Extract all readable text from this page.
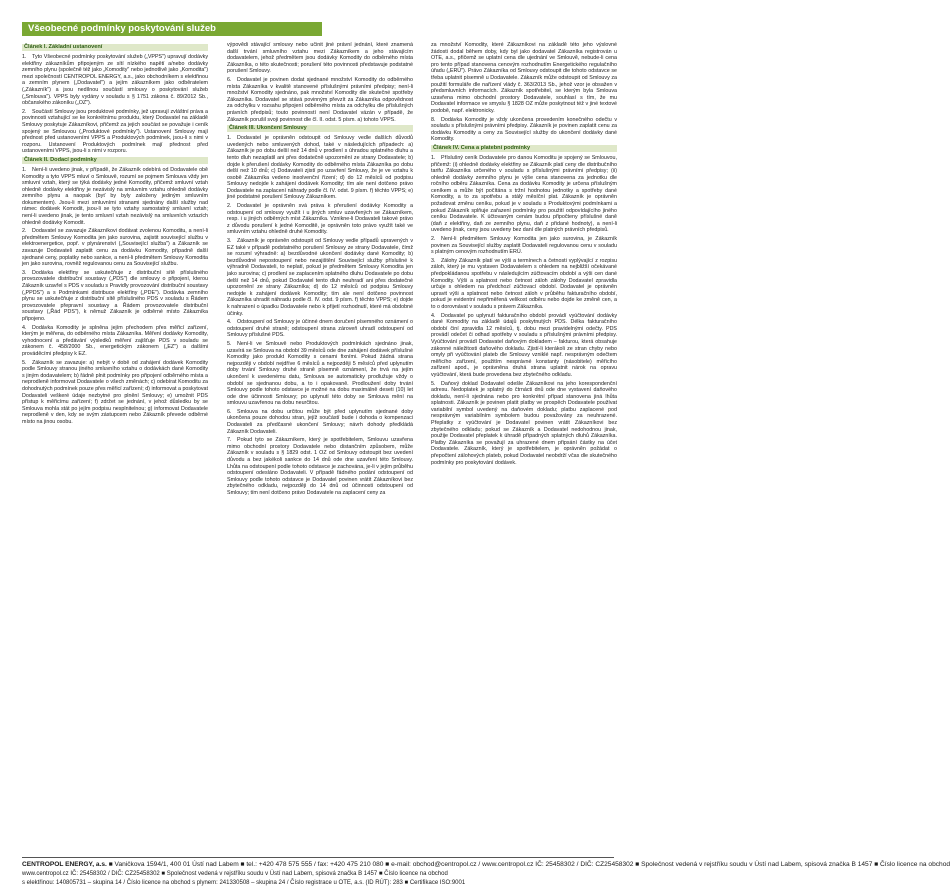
Všeobecné podmínky poskytování služeb
Článek I. Základní ustanovení
1. Tyto Všeobecné podmínky poskytování služeb („VPPS") upravují dodávky elektřiny zákazníkům připojeným ze sítí nízkého napětí a/nebo dodávky zemního plynu (společně též jako „Komodity" nebo jednotlivě jako „Komodita") mezi společností CENTROPOL ENERGY, a.s., jako obchodníkem s elektřinou a zemním plynem („Dodavatel") a jejím zákazníkem jako odběratelem („Zákazník") a jsou nedílnou součástí smlouvy o poskytování služeb („Smlouva"). VPPS byly vydány v souladu s § 1751 zákona č. 89/2012 Sb., občanského zákoníku („OZ").
2. Součástí Smlouvy jsou produktové podmínky, jež upravují zvláštní práva a povinnosti vztahující se ke konkrétnímu produktu, který Dodavatel na základě Smlouvy poskytuje Zákazníkovi, přičemž za jejich součást se považuje i ceník spojený se Smlouvou („Produktové podmínky"). Ustanovení Smlouvy mají přednost před ustanoveními VPPS a Produktových podmínek, jsou-li s nimi v rozporu. Ustanovení Produktových podmínek mají přednost před ustanoveními VPPS, jsou-li s nimi v rozporu.
Článek II. Dodací podmínky
1. Není-li uvedeno jinak, v případě, že Zákazník odebírá od Dodavatele obě Komodity a tyto VPPS mluví o Smlouvě, rozumí se pojmem Smlouva vždy jen smluvní vztah, který se týká dodávky jedné Komodity, přičemž smluvní vztah ohledně dodávky elektřiny je nezávislý na smluvním vztahu ohledně dodávky zemního plynu a naopak (byť by byly založeny jediným smluvním dokumentem). Jsou-li mezi smluvními stranami sjednány další služby nad rámec dodávek Komodit, jsou-li se tyto vztahy samostatný smluvní vztah; není-li uvedeno jinak, je tento smluvní vztah nezávislý na smluvních vztazích ohledně dodávky Komodit.
2. Dodavatel se zavazuje Zákazníkovi dodávat zvolenou Komoditu, a není-li předmětem Smlouvy Komodita jen jako surovina, zajistit související službu v elektroenergetice, popř. v plynárenství („Související služba") a Zákazník se zavazuje Dodavateli zaplatit cenu za dodávku Komodity, případně další sjednané ceny, poplatky nebo sankce, a není-li předmětem Smlouvy Komodita jen jako surovina, rovněž regulovanou cenu za Související službu.
3. Dodávka elektřiny se uskutečňuje z distribuční sítě příslušného provozovatele distribuční soustavy („PDS") dle smlouvy o připojení, kterou Zákazník uzavřel s PDS v souladu s Pravidly provozování distribuční soustavy („PPDS") a s Podmínkami distribuce elektřiny („PDE"). Dodávka zemního plynu se uskutečňuje z distribuční sítě příslušného PDS v souladu s Řádem provozovatele přepravní soustavy a Řádem provozovatele distribuční soustavy („Řád PDS"), k němuž Zákazník je odběrné místo Zákazníka připojeno.
4. Dodávka Komodity je splněna jejím přechodem přes měřicí zařízení, kterým je měřena, do odběrného místa Zákazníka. Měření dodávky Komodity, vyhodnocení a předávání výsledků měření zajišťuje PDS v souladu se zákonem č. 458/2000 Sb., energetickým zákonem („EZ") a dalšími prováděcími předpisy k EZ.
5. Zákazník se zavazuje: a) nebýt v době od zahájení dodávek Komodity podle Smlouvy stranou jiného smluvního vztahu o dodávkách dané Komodity s jiným dodavatelem; b) řádně plnit podmínky pro připojení odběrného místa a neprodleně informovat Dodavatele o všech změnách; c) odebírat Komoditu za dohodnutých podmínek pouze přes měřicí zařízení; d) informovat a poskytovat Dodavateli veškeré údaje nezbytné pro plnění Smlouvy; e) umožnit PDS přístup k měřicímu zařízení; f) zdržet se jednání, v jehož důsledku by se Smlouva mohla stát po jejím podpisu nesplnitelnou; g) informovat Dodavatele neprodleně v den, kdy se svým zástupcem nebo Zákazník převede odběrné místo na jinou osobu.
výpovědi stávající smlouvy nebo učinit jiné právní jednání, které znamená další trvání smluvního vztahu mezi Zákazníkem a jeho stávajícím dodavatelem, jehož předmětem jsou dodávky Komodity do odběrného místa Zákazníka, o této skutečnosti; porušení této povinnosti představuje podstatné porušení Smlouvy.
6. Dodavatel je povinen dodat sjednané množství Komodity do odběrného místa Zákazníka v kvalitě stanovené příslušnými právními předpisy; není-li množství Komodity sjednáno, pak množství Komodity dle skutečné spotřeby Zákazníka. Dodavatel se stává povinným převzít za Zákazníka odpovědnost za odchylku v rozsahu připojení odběrného místa za odchylku dle příslušných právních předpisů; touto povinností není Dodavatel vázán v případě, že Zákazník porušil svoji povinnost dle čl. II. odst. 5 písm. a) tohoto VPPS.
Článek III. Ukončení Smlouvy
1. Dodavatel je oprávněn odstoupit od Smlouvy vedle dalších důvodů uvedených nebo smluvených dohod, také v následujících případech: a) Zákazník je po dobu delší než 14 dnů v prodlení s úhradou splatného dluhu a tento dluh nezaplatil ani přes dodatečně upozornění ze strany Dodavatele; b) dojde k přerušení dodávky Komodity do odběrného místa Zákazníka po dobu delší než 10 dnů; c) Dodavateli zjistí po uzavření Smlouvy, že je ve vztahu k osobě Zákazníka vedeno insolvenční řízení; d) do 12 měsíců od podpisu Smlouvy nedojde k zahájení dodávek Komodity; tím ale není dotčeno právo Dodavatele na zaplacení náhrady podle čl. IV. odst. 9 písm. f) těchto VPPS; e) jiné podstatné porušení Smlouvy Zákazníkem.
2. Dodavatel je oprávněn svá práva k přerušení dodávky Komodity a odstoupení od smlouvy využít i u jiných smluv uzavřených se Zákazníkem, resp. i u jiných odběrných míst Zákazníka. Vznikne-li Dodavateli takové právo z důvodu porušení k jedné Komoditě, je oprávněn toto právo využít také ve smluvním vztahu ohledně druhé Komodity.
3. Zákazník je oprávněn odstoupit od Smlouvy vedle případů upravených v EZ také v případě podstatného porušení Smlouvy ze strany Dodavatele, čímž se rozumí výhradně: a) bezdůvodné ukončení dodávky dané Komodity; b) bezdůvodné nepostoupení nebo nezajištění Související služby příslušné k výhradně Dodavateli, to neplatí, pokud je předmětem Smlouvy Komodita jen jako surovina; c) prodlení se zaplacením splatného dluhu Dodavatele po dobu delší než 14 dnů, pokud Dodavatel tento dluh neuhradí ani přes dodatečné upozornění ze strany Zákazníka; d) do 12 měsíců od podpisu Smlouvy nedojde k zahájení dodávek Komodity; tím ale není dotčeno povinnost Zákazníka uhradit náhradu podle čl. IV. odst. 9 písm. f) těchto VPPS; e) dojde k nahrazení o úpadku Dodavatele nebo k přijetí rozhodnutí, které má obdobné účinky.
4. Odstoupení od Smlouvy je účinné dnem doručení písemného oznámení o odstoupení druhé straně; odstoupení strana zároveň uhradí odstoupení od Smlouvy příslušné PDS.
5. Není-li ve Smlouvě nebo Produktových podmínkách sjednáno jinak, uzavírá se Smlouva na období 39 měsíců ode dne zahájení dodávek příslušné Komodity jako produkt Komodity s cenami fixními. Pokud žádná strana nejpozději v období nejdříve 6 měsíců a nejpozději 5 měsíců před uplynutím doby trvání Smlouvy druhé straně písemně oznámení, že trvá na jejím ukončení k uvedenému datu, Smlouva se automaticky prodlužuje vždy o období se sjednanou dobu, a to i opakovaně. Prodloužení doby trvání Smlouvy podle tohoto odstavce je možné na dobu maximálně deseti (10) let ode dne účinnosti Smlouvy; po uplynutí této doby se Smlouva mění na smlouvu uzavřenou na dobu neurčitou.
6. Smlouva na dobu určitou může být před uplynutím sjednané doby ukončena pouze dohodou stran, jejíž součástí bude i dohoda o kompenzaci Dodavateli za předčasné ukončení Smlouvy; návrh dohody předkládá Zákazník Dodavateli.
7. Pokud tyto se Zákazníkem, který je spotřebitelem, Smlouvu uzavřena mimo obchodní prostory Dodavatele nebo distančním způsobem, může Zákazník v souladu s § 1829 odst. 1 OZ od Smlouvy odstoupit bez uvedení důvodu a bez jakékoli sankce do 14 dnů ode dne uzavření této Smlouvy. Lhůta na odstoupení podle tohoto odstavce je zachována, je-li v jejím průběhu odstoupení odesláno Dodavateli. V případě řádného podání odstoupení od Smlouvy podle tohoto odstavce je Dodavatel povinen vrátit Zákazníkovi bez zbytečného odkladu, nejpozději do 14 dnů od účinnosti odstoupení od Smlouvy; tím není dotčeno právo Dodavatele na zaplacení ceny za
za množství Komodity, které Zákazníkovi na základě této jeho výslovné žádosti dodal během doby, kdy byl jako dodavatel Zákazníka registrován u OTE, a.s., přičemž se uplatní cena dle ujednání ve Smlouvě, nebude-li cena pro tento případ stanovena cenovým rozhodnutím Energetického regulačního úřadu („ERÚ"). Právo Zákazníka od Smlouvy odstoupit dle tohoto odstavce se třeba uplatnit písemně u Dodavatele. Zákazník může odstoupit od Smlouvy za použití formuláře dle nařízení vlády č. 363/2013 Sb., jehož vzor je obsažen v předsmluvních informacích. Zákazník spotřebitel, se kterým byla Smlouva uzavřena mimo obchodní prostory Dodavatele, souhlasí s tím, že mu Dodavatel informace ve smyslu § 1828 OZ může poskytnout též v jiné textové podobě, např. elektronicky.
8. Dodávka Komodity je vždy ukončena provedením konečného odečtu v souladu s příslušnými právními předpisy. Zákazník je povinen zaplatit cenu za dodávku Komodity a ceny za Související služby do ukončení dodávky dané Komodity.
Článek IV. Cena a platební podmínky
1. Příslušný ceník Dodavatele pro danou Komoditu je spojený se Smlouvou, přičemž: (i) ohledně dodávky elektřiny se Zákazník platí ceny dle distribučního tarifu Zákazníka určeného v souladu s příslušnými právními předpisy; (ii) ohledně dodávky zemního plynu je výše cena stanovena za jednotku dle ročního odběru Zákazníka. Cena za dodávku Komodity je určena příslušným ceníkem a může být počítána s tržní hodnotou jednotky a spotřeby dané Komodity, a to za spotřebu a stálý měsíční plat. Zákazník je oprávněn požadovat změnu ceníku, pokud je v souladu s Produktovými podmínkami a pokud Zákazník splňuje zařazení podmínky pro použití odpovídajícího jiného ceníku Dodavatele. K účtovaným cenám budou připočteny příslušné daně (daň z elektřiny, daň ze zemního plynu, daň z přidané hodnoty), a není-li uvedeno jinak, ceny jsou uvedeny bez daní dle platných právních předpisů.
2. Není-li předmětem Smlouvy Komodita jen jako surovina, je Zákazník povinen za Související služby zaplatit Dodavateli regulovanou cenu v souladu s platným cenovým rozhodnutím ERÚ.
3. Zálohy Zákazník platí ve výši a termínech a četnosti vyplývající z rozpisu záloh, který je mu vystaven Dodavatelem s ohledem na nejbližší očekávané předpokládanou spotřebu v následujícím zúčtovacím období a výši cen dané Komodity. Výši a splatnost nebo četnost záloh zálohy Dodavatel zpravidla určuje s ohledem na předchozí zúčtovací období. Dodavatel je oprávněn upravit výši a splatnost nebo četnost záloh v průběhu fakturačního období, pokud je evidentní nepřiměřená velikost odběru nebo dojde ke změně cen, a to o dorovnávat v souladu s právem Zákazníka.
4. Dodavatel po uplynutí fakturačního období provádí vyúčtování dodávky dané Komodity na základě údajů poskytnutých PDS. Délka fakturačního období činí zpravidla 12 měsíců, tj. dobu mezi pravidelnými odečty. PDS provádí odečet či odhad spotřeby v souladu s příslušnými právními předpisy. Vyúčtování provádí Dodavatel daňovým dokladem – fakturou, která obsahuje zákonné náležitosti daňového dokladu. Zjistí-li kterákoli ze stran chyby nebo omyly při vyúčtování plateb dle Smlouvy vzniklé např. nesprávným odečtem měřicího zařízení, použitím nesprávné konstanty (násobitele) měřicího zařízení apod., je oprávněna druhá strana uplatnit nárok na opravu vyúčtování, která bude provedena bez zbytečného odkladu.
5. Daňový doklad Dodavatel odešle Zákazníkovi na jeho korespondenční adresu. Nedoplatek je splatný do čtrnácti dnů ode dne vystavení daňového dokladu, není-li sjednána nebo pro konkrétní případ stanovena jiná lhůta splatnosti. Zákazník je povinen platit platby ve prospěch Dodavatele používat variabilní symbol uvedený na daňovém dokladu; platbu zaplacené pod nesprávným variabilním symbolem budou považovány za neuhrazené. Přeplatky z vyúčtování je Dodavatel povinen vrátit Zákazníkovi bez zbytečného odkladu; pokud se Zákazník a Dodavatel nedohodnou jinak, použije Dodavatel přeplatek k úhradě případných splatných dluhů Zákazníka. Platby Zákazníka se považují za uhrazené dnem připsání částky na účet Dodavatele. Zákazník, který je spotřebitelem, je oprávněn požádat o přepočtení zálohových plateb, pokud Dodavatel neobdrží včas dle skutečného podmínky pro poskytování dodávek.
CENTROPOL ENERGY, a.s. ■ Vaničkova 1594/1, 400 01 Ústí nad Labem ■ tel.: +420 478 575 555 / fax: +420 475 210 080 ■ e-mail: obchod@centropol.cz / www.centropol.cz IČ: 25458302 / DIČ: CZ25458302 ■ Společnost vedená v rejstříku soudu v Ústí nad Labem, spisová značka B 1457 ■ Číslo licence na obchod
www.centropol.cz IČ: 25458302 / DIČ: CZ25458302 ■ Společnost vedená v rejstříku soudu v Ústí nad Labem, spisová značka B 1457 ■ Číslo licence na obchod
s elektřinou: 140805731 – skupina 14 / Číslo licence na obchod s plynem: 241330508 – skupina 24 / Číslo registrace u OTE, a.s. (ID RÚT): 283 ■ Certifikace ISO:9001
